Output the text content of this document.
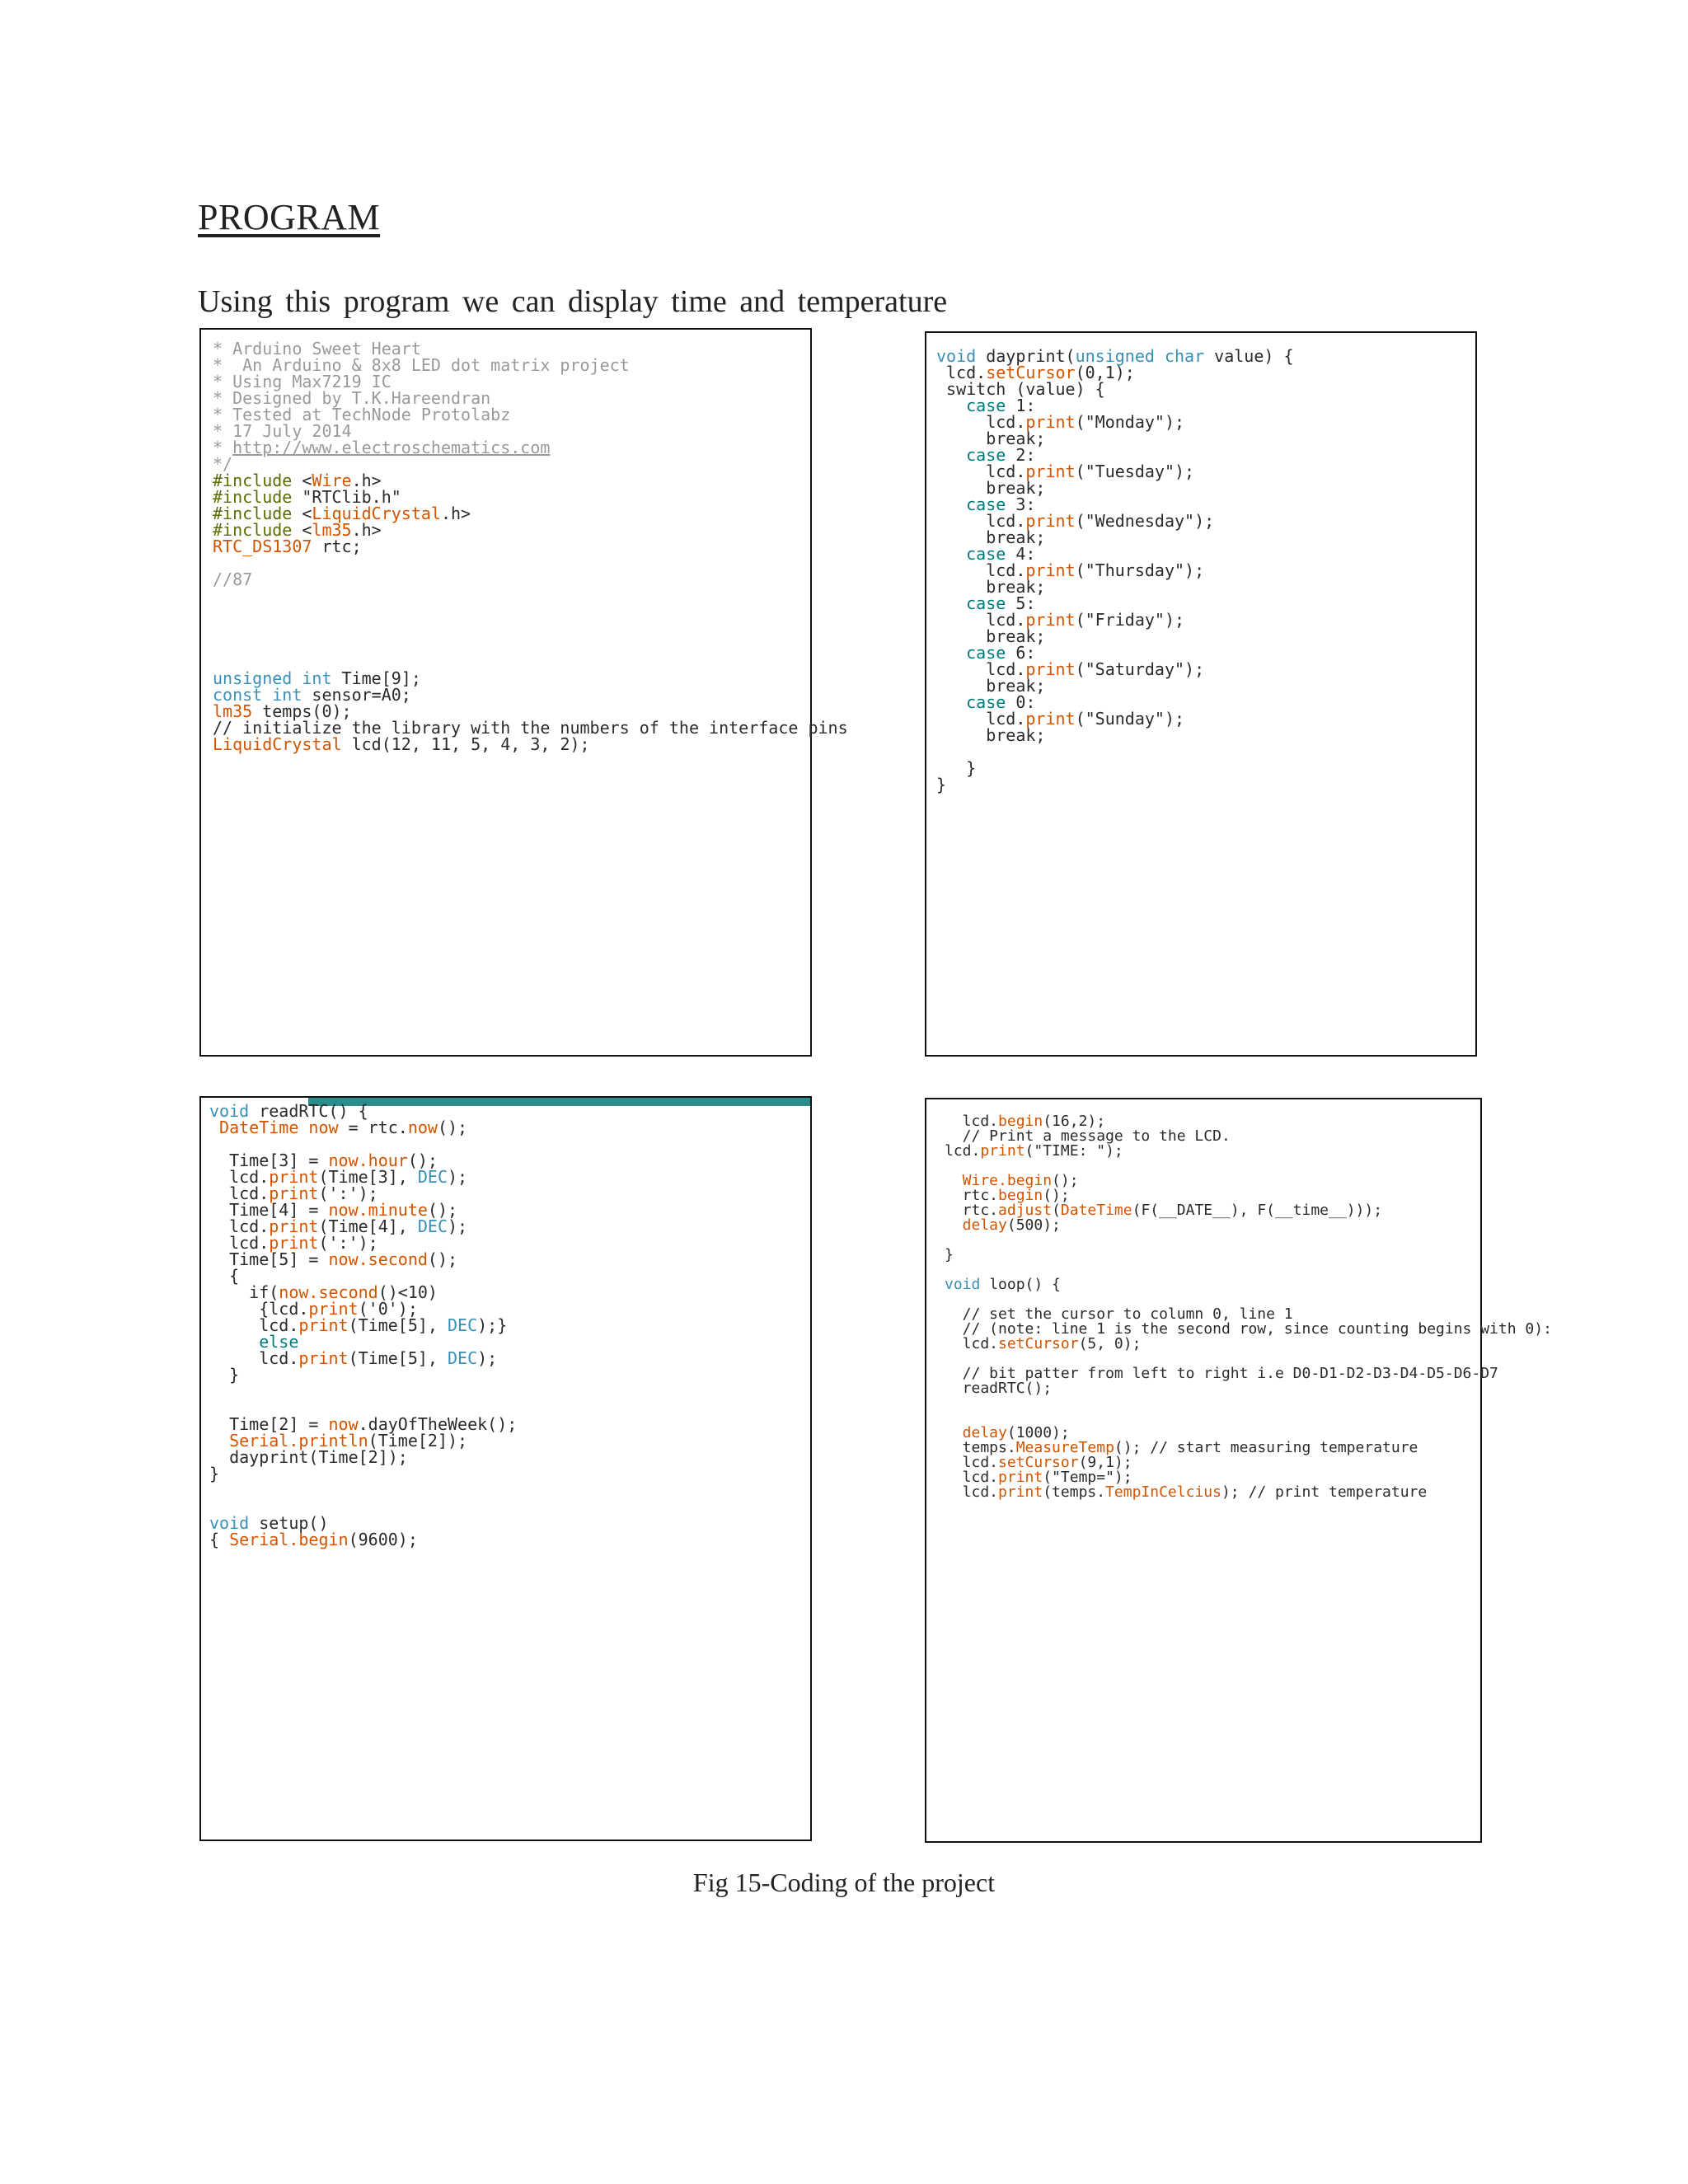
PROGRAM
Using this program we can display time and temperature
* Arduino Sweet Heart
*  An Arduino & 8x8 LED dot matrix project
* Using Max7219 IC
* Designed by T.K.Hareendran
* Tested at TechNode Protolabz
* 17 July 2014
* http://www.electroschematics.com
*/
#include <Wire.h>
#include "RTClib.h"
#include <LiquidCrystal.h>
#include <lm35.h>
RTC_DS1307 rtc;
//87
unsigned int Time[9];
const int sensor=A0;
lm35 temps(0);
// initialize the library with the numbers of the interface pins
LiquidCrystal lcd(12, 11, 5, 4, 3, 2);
void dayprint(unsigned char value) {
lcd.setCursor(0,1);
switch (value) {
case 1:
lcd.print("Monday");
break;
case 2:
lcd.print("Tuesday");
break;
case 3:
lcd.print("Wednesday");
break;
case 4:
lcd.print("Thursday");
break;
case 5:
lcd.print("Friday");
break;
case 6:
lcd.print("Saturday");
break;
case 0:
lcd.print("Sunday");
break;
}
}
void readRTC() {
DateTime now = rtc.now();
Time[3] = now.hour();
lcd.print(Time[3], DEC);
lcd.print(':');
Time[4] = now.minute();
lcd.print(Time[4], DEC);
lcd.print(':');
Time[5] = now.second();
{
if(now.second()<10)
{lcd.print('0');
lcd.print(Time[5], DEC);}
else
lcd.print(Time[5], DEC);
}
Time[2] = now.dayOfTheWeek();
Serial.println(Time[2]);
dayprint(Time[2]);
}
void setup()
{ Serial.begin(9600);
lcd.begin(16,2);
// Print a message to the LCD.
lcd.print("TIME: ");
Wire.begin();
rtc.begin();
rtc.adjust(DateTime(F(__DATE__), F(__time__)));
delay(500);
}
void loop() {
// set the cursor to column 0, line 1
// (note: line 1 is the second row, since counting begins with 0):
lcd.setCursor(5, 0);
// bit patter from left to right i.e D0-D1-D2-D3-D4-D5-D6-D7
readRTC();
delay(1000);
temps.MeasureTemp(); // start measuring temperature
lcd.setCursor(9,1);
lcd.print("Temp=");
lcd.print(temps.TempInCelcius); // print temperature
Fig 15-Coding of the project
